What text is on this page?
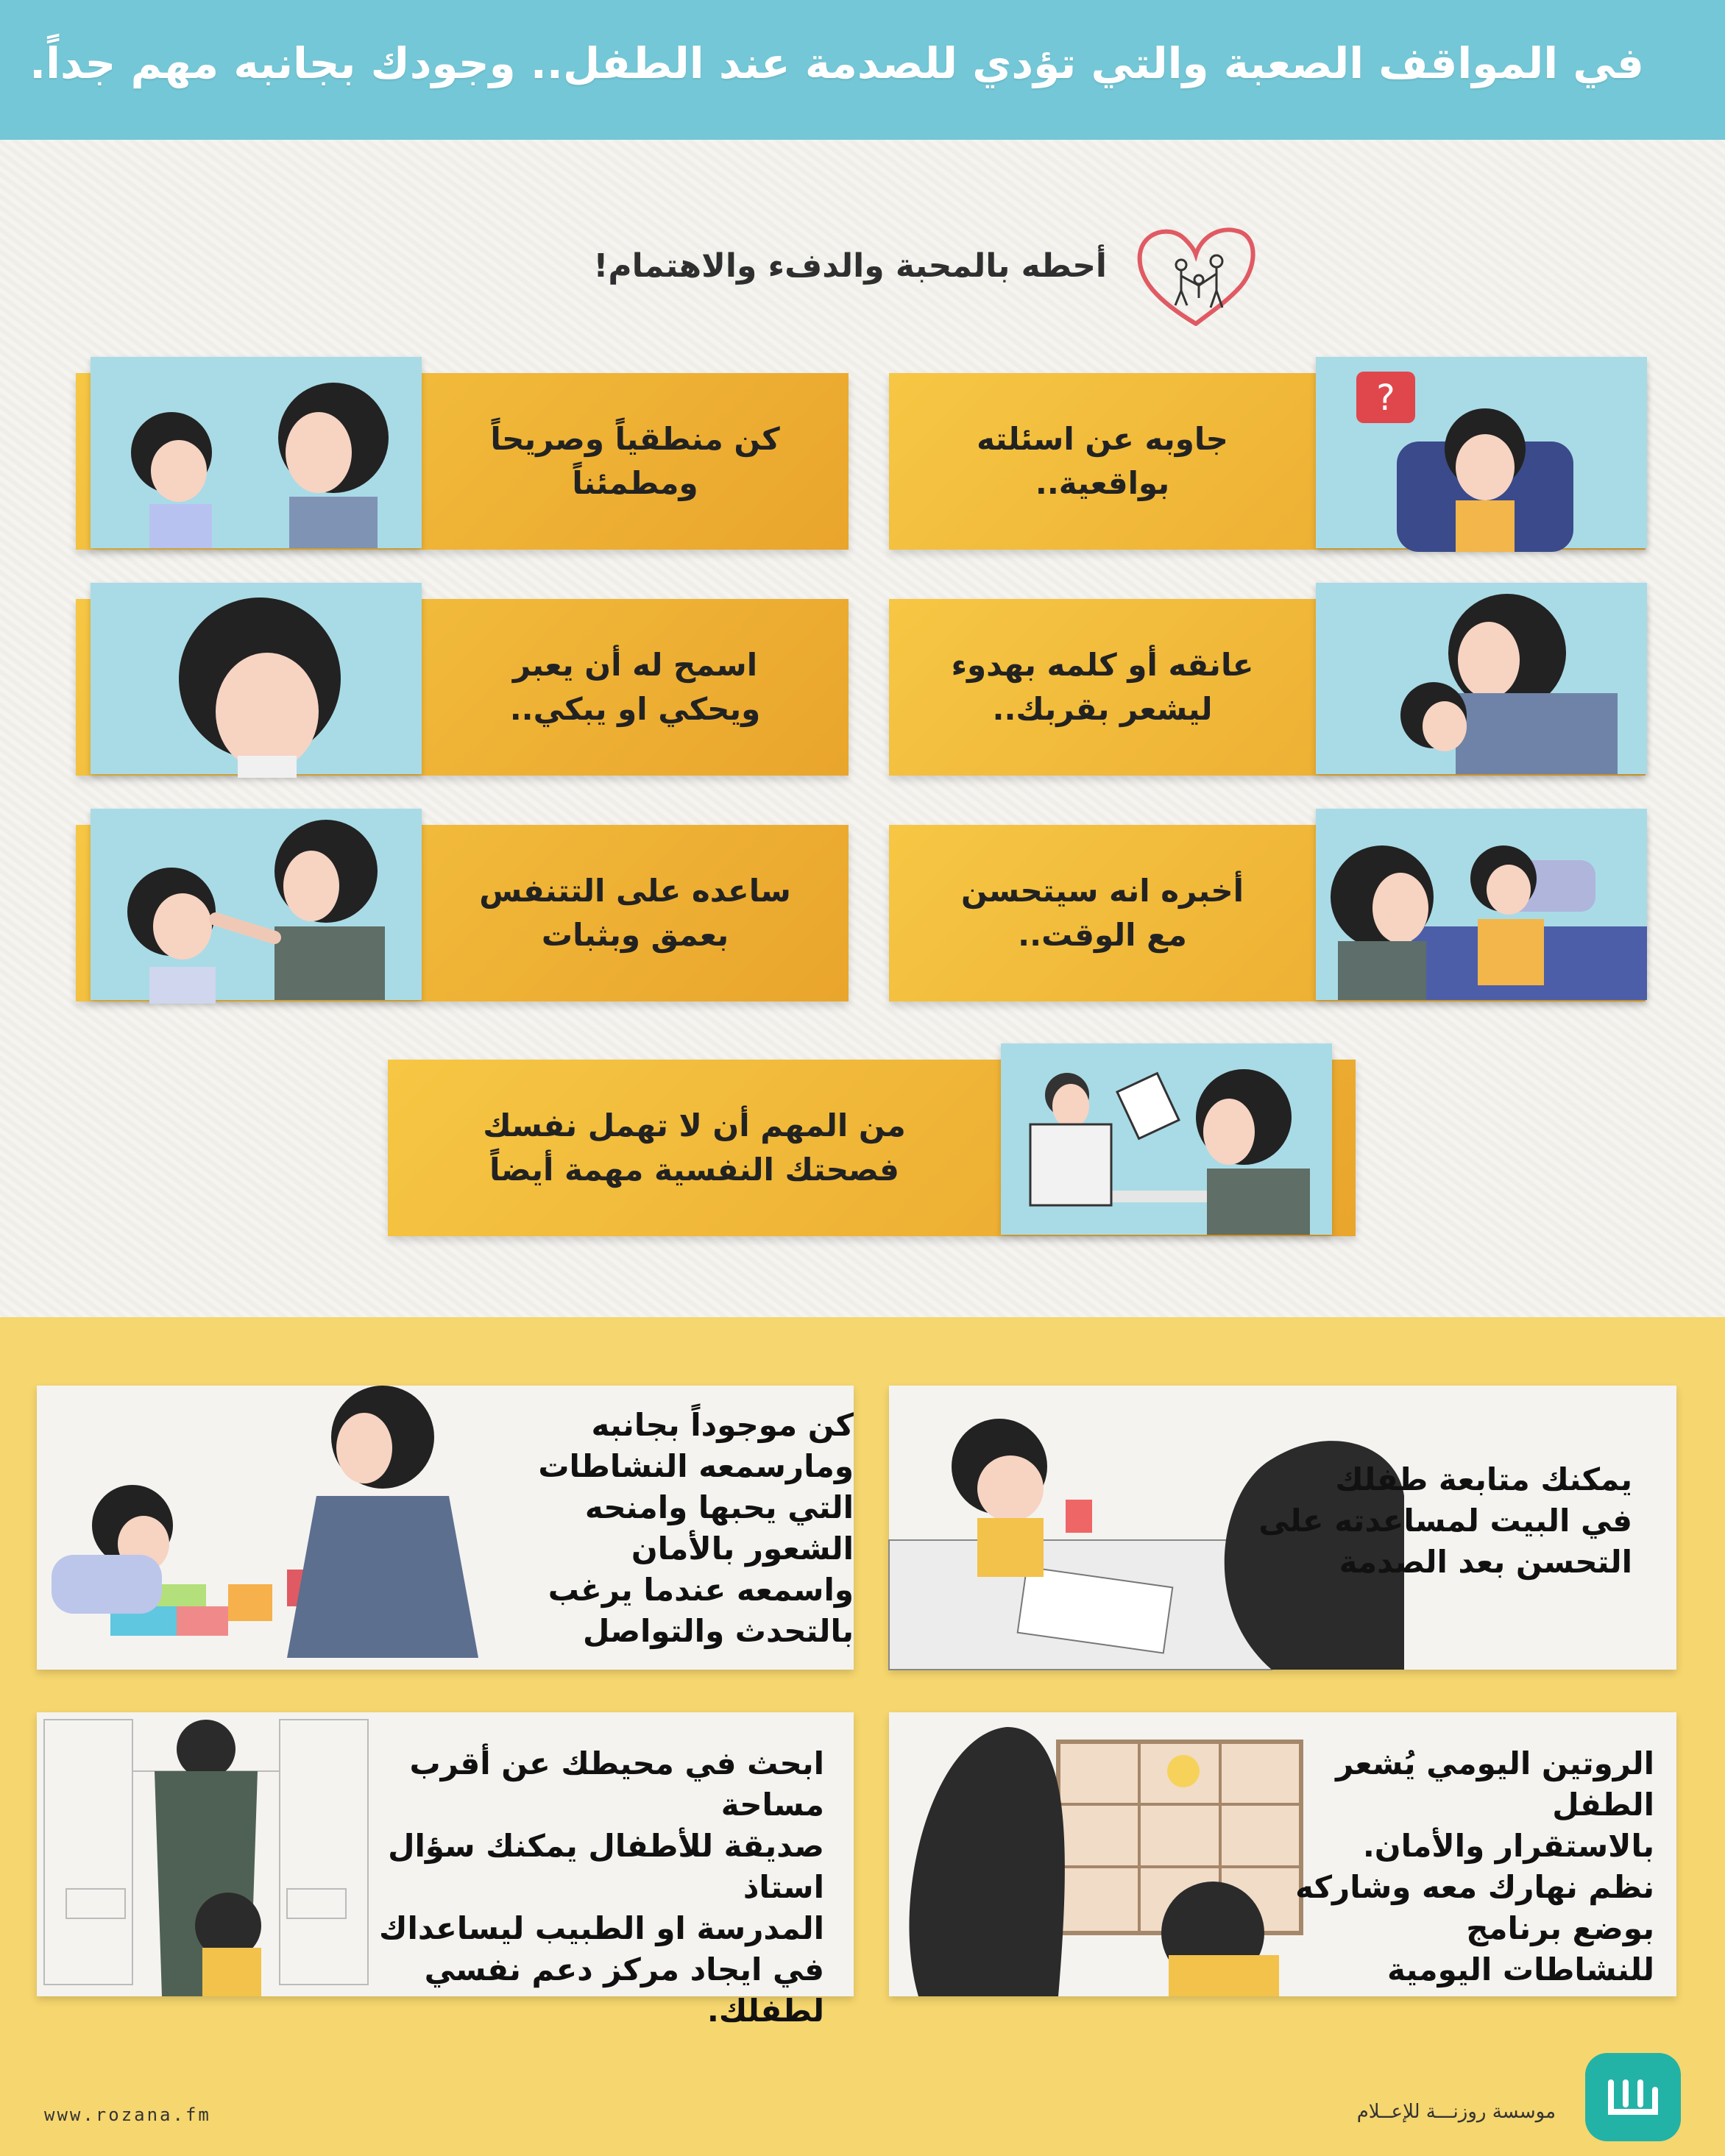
في المواقف الصعبة والتي تؤدي للصدمة عند الطفل.. وجودك بجانبه مهم جداً.
أحطه بالمحبة والدفء والاهتمام!
?
جاوبه عن اسئلته
بواقعية..
كن منطقياً وصريحاً
ومطمئناً
عانقه أو كلمه بهدوء
ليشعر بقربك..
اسمح له أن يعبر
ويحكي او يبكي..
أخبره انه سيتحسن
مع الوقت..
ساعده على التتنفس
بعمق وبثبات
من المهم أن لا تهمل نفسك
فصحتك النفسية مهمة أيضاً
يمكنك متابعة طفلك
في البيت لمساعدته على
التحسن بعد الصدمة
كن موجوداً بجانبه
ومارسمعه النشاطات
التي يحبها وامنحه
الشعور بالأمان
واسمعه عندما يرغب
بالتحدث والتواصل
الروتين اليومي يُشعر الطفل
بالاستقرار والأمان.
نظم نهارك معه وشاركه
بوضع برنامج
للنشاطات اليومية
ابحث في محيطك عن أقرب مساحة
صديقة للأطفال يمكنك سؤال استاذ
المدرسة او الطبيب ليساعداك
في ايجاد مركز دعم نفسي
لطفلك.
www.rozana.fm	موسسة روزنـــة للإعــلام
